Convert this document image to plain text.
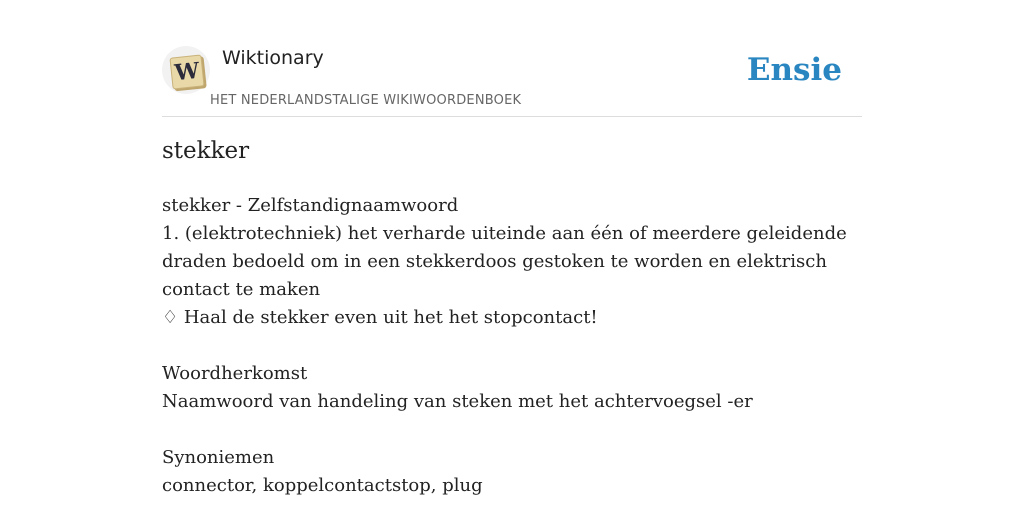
W Wiktionary
HET NEDERLANDSTALIGE WIKIWOORDENBOEK
Ensie
stekker
stekker - Zelfstandignaamwoord
1. (elektrotechniek) het verharde uiteinde aan één of meerdere geleidende draden bedoeld om in een stekkerdoos gestoken te worden en elektrisch contact te maken
♢ Haal de stekker even uit het het stopcontact!
Woordherkomst
Naamwoord van handeling van steken met het achtervoegsel -er
Synoniemen
connector, koppelcontactstop, plug
